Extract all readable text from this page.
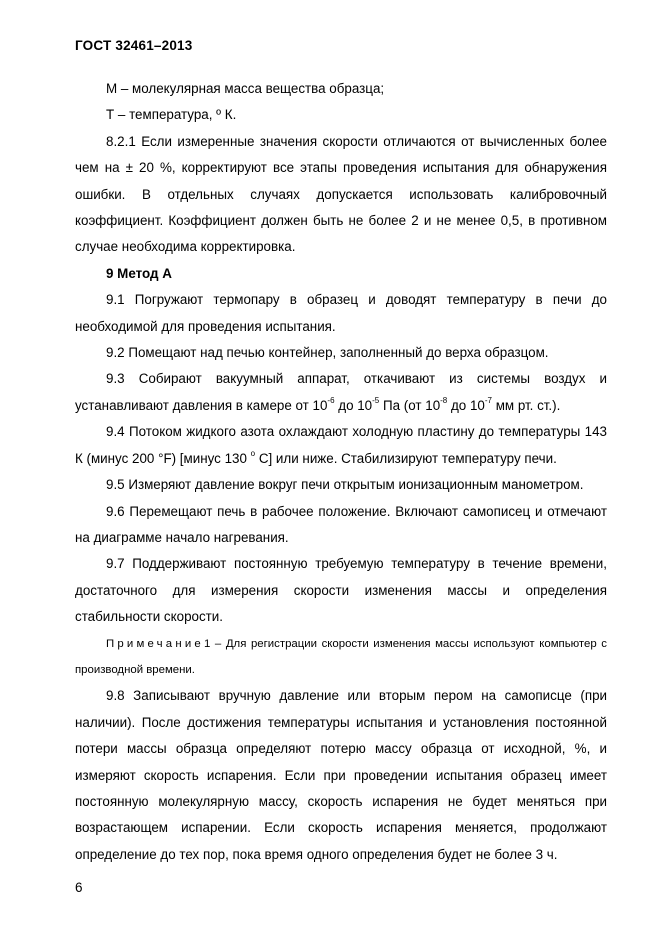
ГОСТ 32461–2013

М – молекулярная масса вещества образца;

Т – температура, º К.

8.2.1 Если измеренные значения скорости отличаются от вычисленных более чем на ± 20 %, корректируют все этапы проведения испытания для обнаружения ошибки. В отдельных случаях допускается использовать калибровочный коэффициент. Коэффициент должен быть не более 2 и не менее 0,5, в противном случае необходима корректировка.

9 Метод А

9.1 Погружают термопару в образец и доводят температуру в печи до необходимой для проведения испытания.

9.2 Помещают над печью контейнер, заполненный до верха образцом.

9.3 Собирают вакуумный аппарат, откачивают из системы воздух и устанавливают давления в камере от $10^{-6}$ до $10^{-5}$ Па (от $10^{-8}$ до $10^{-7}$ мм рт. ст.).

9.4 Потоком жидкого азота охлаждают холодную пластину до температуры 143 К (минус 200 °F) [минус 130 $^o$ C] или ниже. Стабилизируют температуру печи.

9.5 Измеряют давление вокруг печи открытым ионизационным манометром.

9.6 Перемещают печь в рабочее положение. Включают самописец и отмечают на диаграмме начало нагревания.

9.7 Поддерживают постоянную требуемую температуру в течение времени, достаточного для измерения скорости изменения массы и определения стабильности скорости.

Примечание1 – Для регистрации скорости изменения массы используют компьютер с производной времени.

9.8 Записывают вручную давление или вторым пером на самописце (при наличии). После достижения температуры испытания и установления постоянной потери массы образца определяют потерю массу образца от исходной, %, и измеряют скорость испарения. Если при проведении испытания образец имеет постоянную молекулярную массу, скорость испарения не будет меняться при возрастающем испарении. Если скорость испарения меняется, продолжают определение до тех пор, пока время одного определения будет не более 3 ч.

6
